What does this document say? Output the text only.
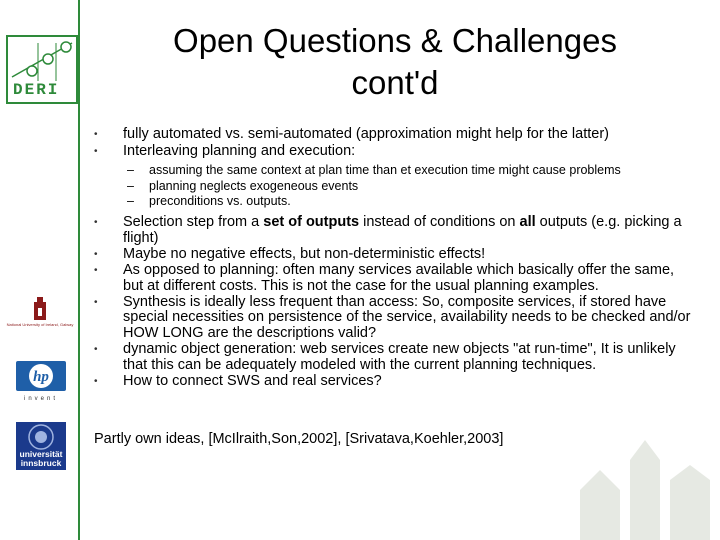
DERI
National University of Ireland, Galway
hp
invent
universität
innsbruck
Open Questions & Challenges
cont'd
• fully automated vs. semi-automated (approximation might help for the latter)
• Interleaving planning and execution:
– assuming the same context at plan time than et execution time might cause problems
– planning neglects exogeneous events
– preconditions vs. outputs.
• Selection step from a set of outputs instead of conditions on all outputs (e.g. picking a flight)
• Maybe no negative effects, but non-deterministic effects!
• As opposed to planning: often many services available which basically offer the same, but at different costs. This is not the case for the usual planning examples.
• Synthesis is ideally less frequent than access: So, composite services, if stored have special necessities on persistence of the service, availability needs to be checked and/or HOW LONG are the descriptions valid?
• dynamic object generation: web services create new objects "at run-time", It is unlikely that this can be adequately modeled with the current planning techniques.
• How to connect SWS and real services?
Partly own ideas, [McIlraith,Son,2002], [Srivatava,Koehler,2003]
